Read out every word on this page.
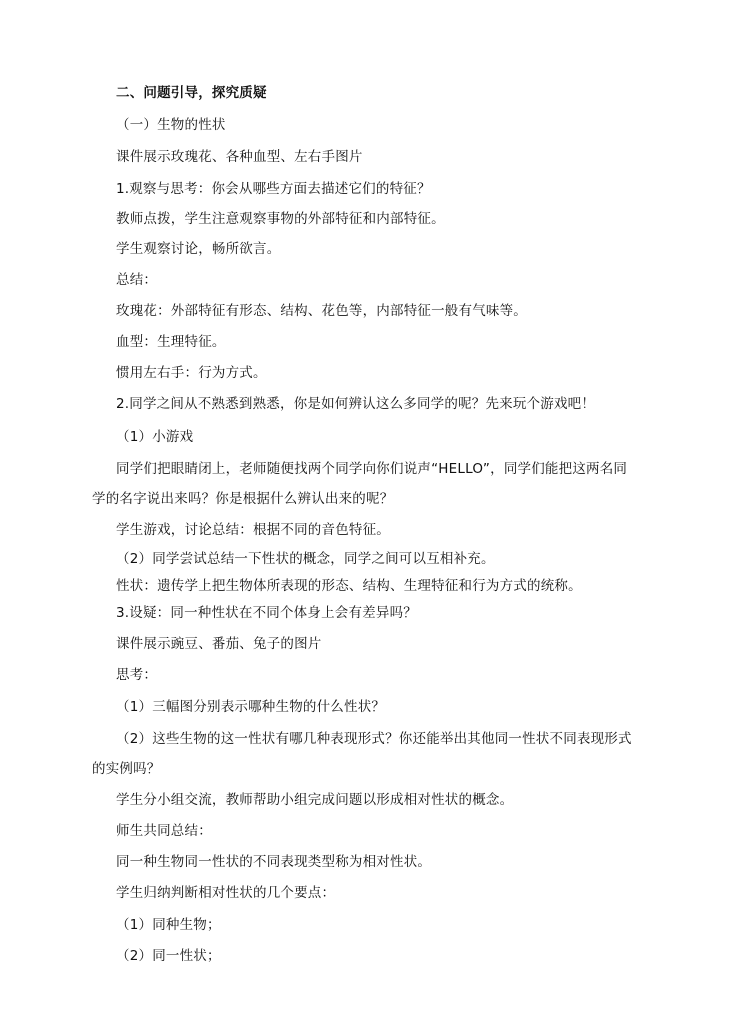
二、问题引导，探究质疑
（一）生物的性状
课件展示玫瑰花、各种血型、左右手图片
1.观察与思考：你会从哪些方面去描述它们的特征？
教师点拨，学生注意观察事物的外部特征和内部特征。
学生观察讨论，畅所欲言。
总结：
玫瑰花：外部特征有形态、结构、花色等，内部特征一般有气味等。
血型：生理特征。
惯用左右手：行为方式。
2.同学之间从不熟悉到熟悉，你是如何辨认这么多同学的呢？先来玩个游戏吧！
（1）小游戏
同学们把眼睛闭上，老师随便找两个同学向你们说声“HELLO”，同学们能把这两名同
学的名字说出来吗？你是根据什么辨认出来的呢？
学生游戏，讨论总结：根据不同的音色特征。
（2）同学尝试总结一下性状的概念，同学之间可以互相补充。
性状：遗传学上把生物体所表现的形态、结构、生理特征和行为方式的统称。
3.设疑：同一种性状在不同个体身上会有差异吗？
课件展示豌豆、番茄、兔子的图片
思考：
（1）三幅图分别表示哪种生物的什么性状？
（2）这些生物的这一性状有哪几种表现形式？你还能举出其他同一性状不同表现形式
的实例吗？
学生分小组交流，教师帮助小组完成问题以形成相对性状的概念。
师生共同总结：
同一种生物同一性状的不同表现类型称为相对性状。
学生归纳判断相对性状的几个要点：
（1）同种生物；
（2）同一性状；
